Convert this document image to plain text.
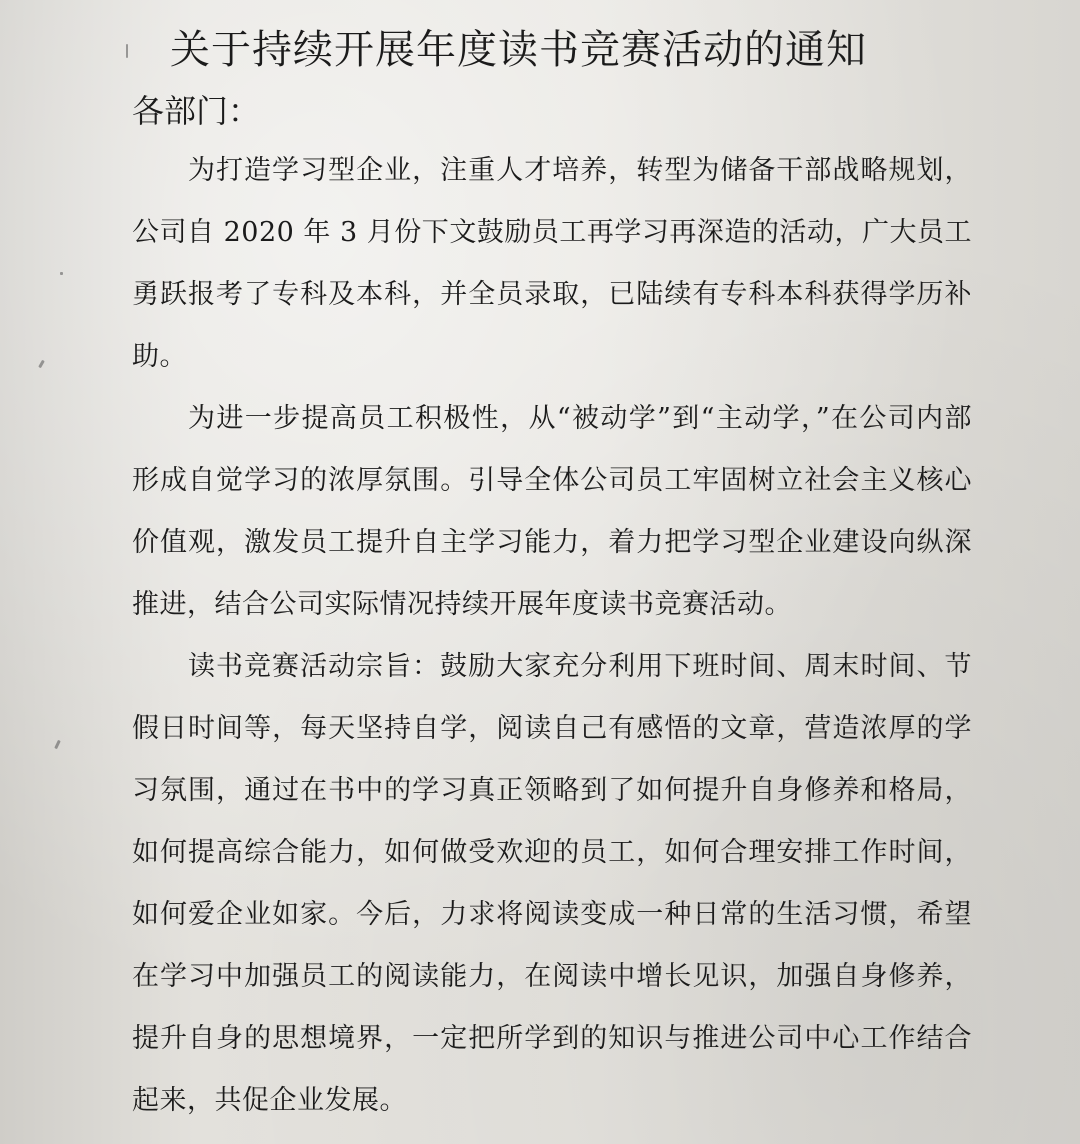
关于持续开展年度读书竞赛活动的通知
各部门：

为打造学习型企业，注重人才培养，转型为储备干部战略规划，公司自 2020 年 3 月份下文鼓励员工再学习再深造的活动，广大员工勇跃报考了专科及本科，并全员录取，已陆续有专科本科获得学历补助。

为进一步提高员工积极性，从“被动学”到“主动学，”在公司内部形成自觉学习的浓厚氛围。引导全体公司员工牢固树立社会主义核心价值观，激发员工提升自主学习能力，着力把学习型企业建设向纵深推进，结合公司实际情况持续开展年度读书竞赛活动。

读书竞赛活动宗旨：鼓励大家充分利用下班时间、周末时间、节假日时间等，每天坚持自学，阅读自己有感悟的文章，营造浓厚的学习氛围，通过在书中的学习真正领略到了如何提升自身修养和格局，如何提高综合能力，如何做受欢迎的员工，如何合理安排工作时间，如何爱企业如家。今后，力求将阅读变成一种日常的生活习惯，希望在学习中加强员工的阅读能力，在阅读中增长见识，加强自身修养，提升自身的思想境界，一定把所学到的知识与推进公司中心工作结合起来，共促企业发展。
